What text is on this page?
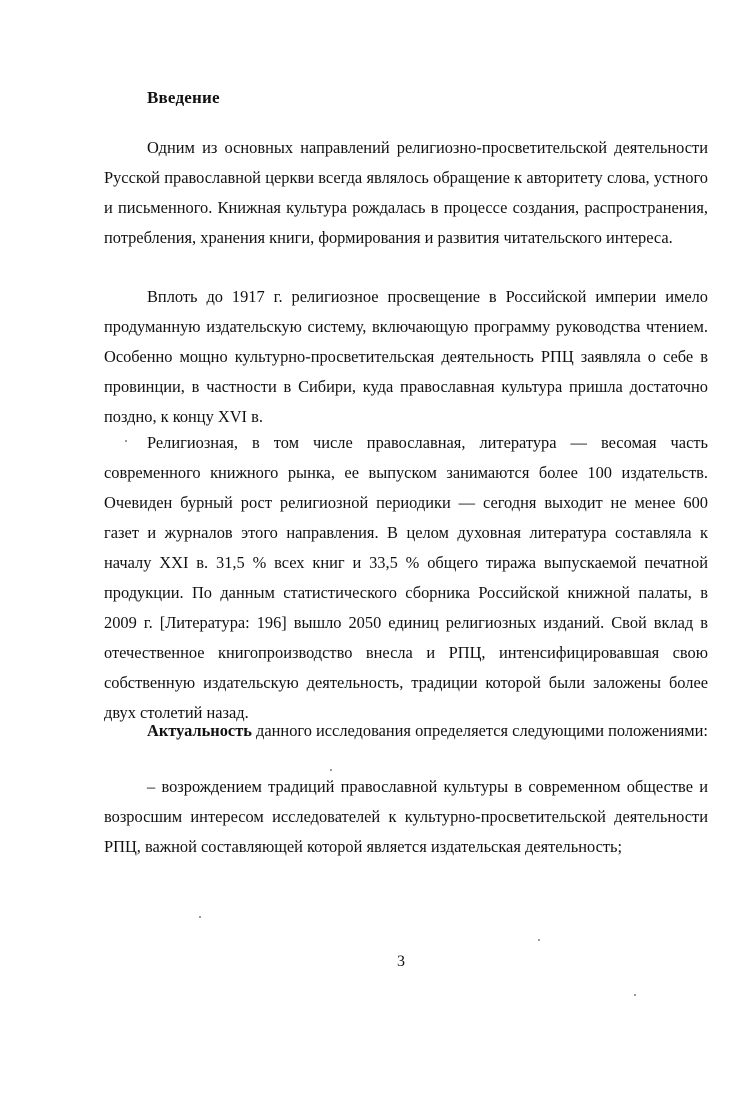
Введение

Одним из основных направлений религиозно-просветительской деятельности Русской православной церкви всегда являлось обращение к авторитету слова, устного и письменного. Книжная культура рождалась в процессе создания, распространения, потребления, хранения книги, формирования и развития читательского интереса.

Вплоть до 1917 г. религиозное просвещение в Российской империи имело продуманную издательскую систему, включающую программу руководства чтением. Особенно мощно культурно-просветительская деятельность РПЦ заявляла о себе в провинции, в частности в Сибири, куда православная культура пришла достаточно поздно, к концу XVI в.

Религиозная, в том числе православная, литература — весомая часть современного книжного рынка, ее выпуском занимаются более 100 издательств. Очевиден бурный рост религиозной периодики — сегодня выходит не менее 600 газет и журналов этого направления. В целом духовная литература составляла к началу XXI в. 31,5 % всех книг и 33,5 % общего тиража выпускаемой печатной продукции. По данным статистического сборника Российской книжной палаты, в 2009 г. [Литература: 196] вышло 2050 единиц религиозных изданий. Свой вклад в отечественное книгопроизводство внесла и РПЦ, интенсифицировавшая свою собственную издательскую деятельность, традиции которой были заложены более двух столетий назад.

Актуальность данного исследования определяется следующими положениями:

– возрождением традиций православной культуры в современном обществе и возросшим интересом исследователей к культурно-просветительской деятельности РПЦ, важной составляющей которой является издательская деятельность;

3
